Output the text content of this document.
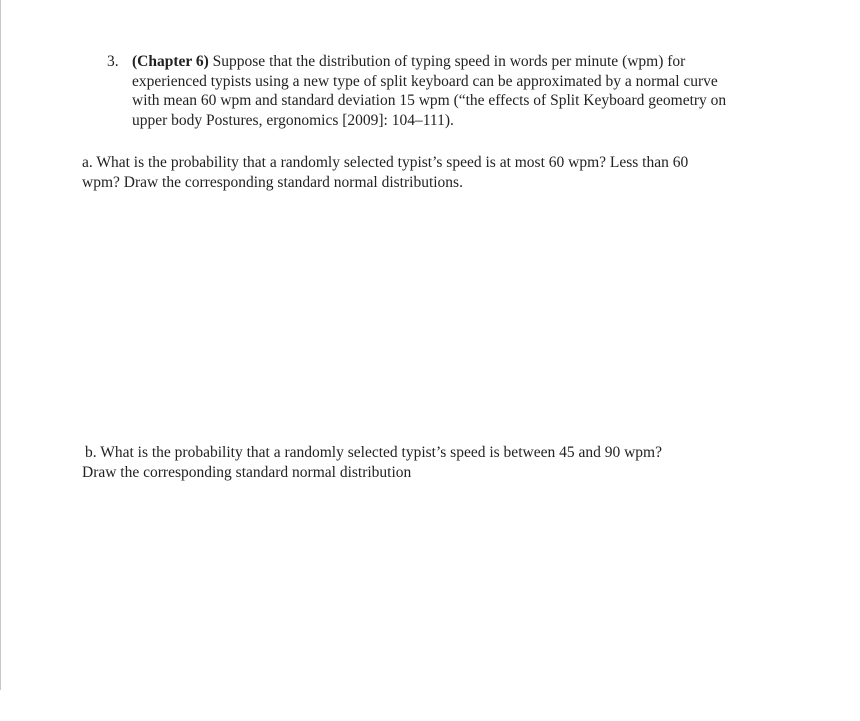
3. (Chapter 6) Suppose that the distribution of typing speed in words per minute (wpm) for
experienced typists using a new type of split keyboard can be approximated by a normal curve
with mean 60 wpm and standard deviation 15 wpm (“the effects of Split Keyboard geometry on
upper body Postures, ergonomics [2009]: 104–111).
a. What is the probability that a randomly selected typist’s speed is at most 60 wpm? Less than 60
wpm? Draw the corresponding standard normal distributions.
b. What is the probability that a randomly selected typist’s speed is between 45 and 90 wpm?
Draw the corresponding standard normal distribution
